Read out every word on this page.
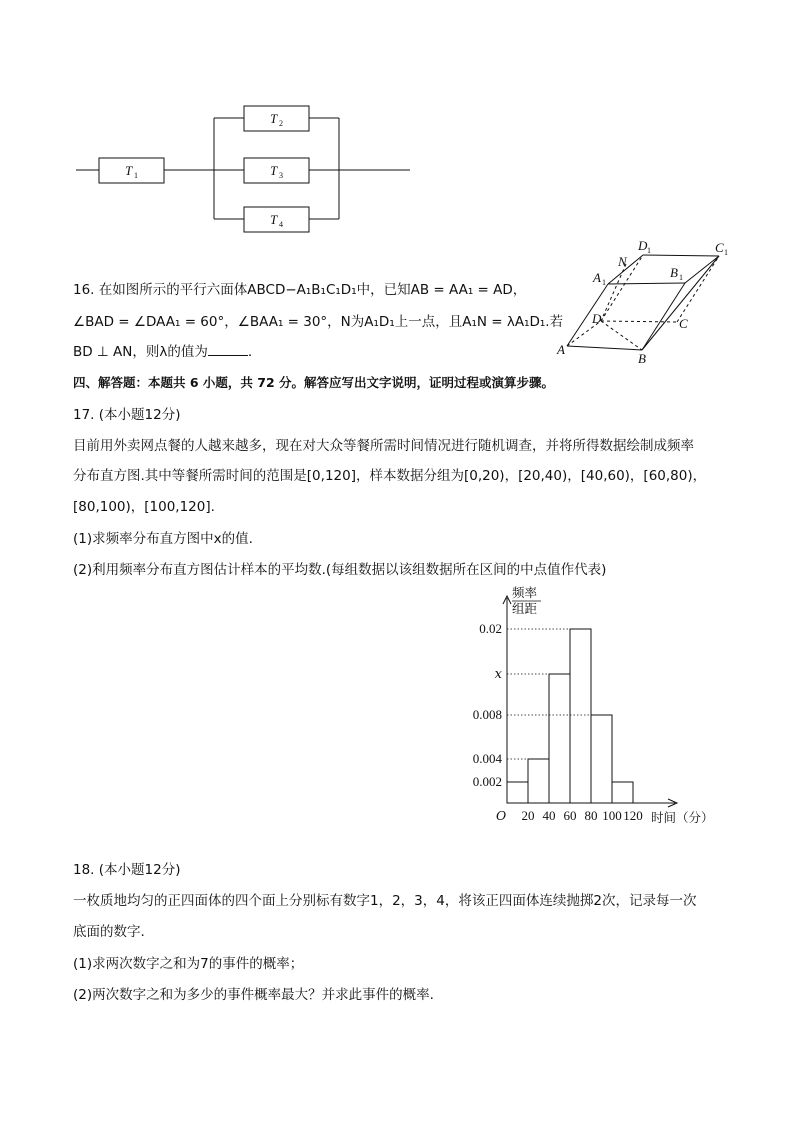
T 1
T 2
T 3
T 4
16. 在如图所示的平行六面体ABCD−A₁B₁C₁D₁中，已知AB = AA₁ = AD，
∠BAD = ∠DAA₁ = 60°，∠BAA₁ = 30°，N为A₁D₁上一点，且A₁N = λA₁D₁.若
BD ⊥ AN，则λ的值为	.	A
B
C
D
A 1
B 1
C 1
D 1
N
四、解答题：本题共 6 小题，共 72 分。解答应写出文字说明，证明过程或演算步骤。
17. (本小题12分)
目前用外卖网点餐的人越来越多，现在对大众等餐所需时间情况进行随机调查，并将所得数据绘制成频率
分布直方图.其中等餐所需时间的范围是[0,120]，样本数据分组为[0,20)，[20,40)，[40,60)，[60,80)，
[80,100)，[100,120].
(1)求频率分布直方图中x的值.
(2)利用频率分布直方图估计样本的平均数.(每组数据以该组数据所在区间的中点值作代表)
0.002
0.004
0.008
x
0.02
20 40 60 80 100 120
频率
组距
时间（分）
O
18. (本小题12分)
一枚质地均匀的正四面体的四个面上分别标有数字1，2，3，4，将该正四面体连续抛掷2次，记录每一次
底面的数字.
(1)求两次数字之和为7的事件的概率；
(2)两次数字之和为多少的事件概率最大？并求此事件的概率.
